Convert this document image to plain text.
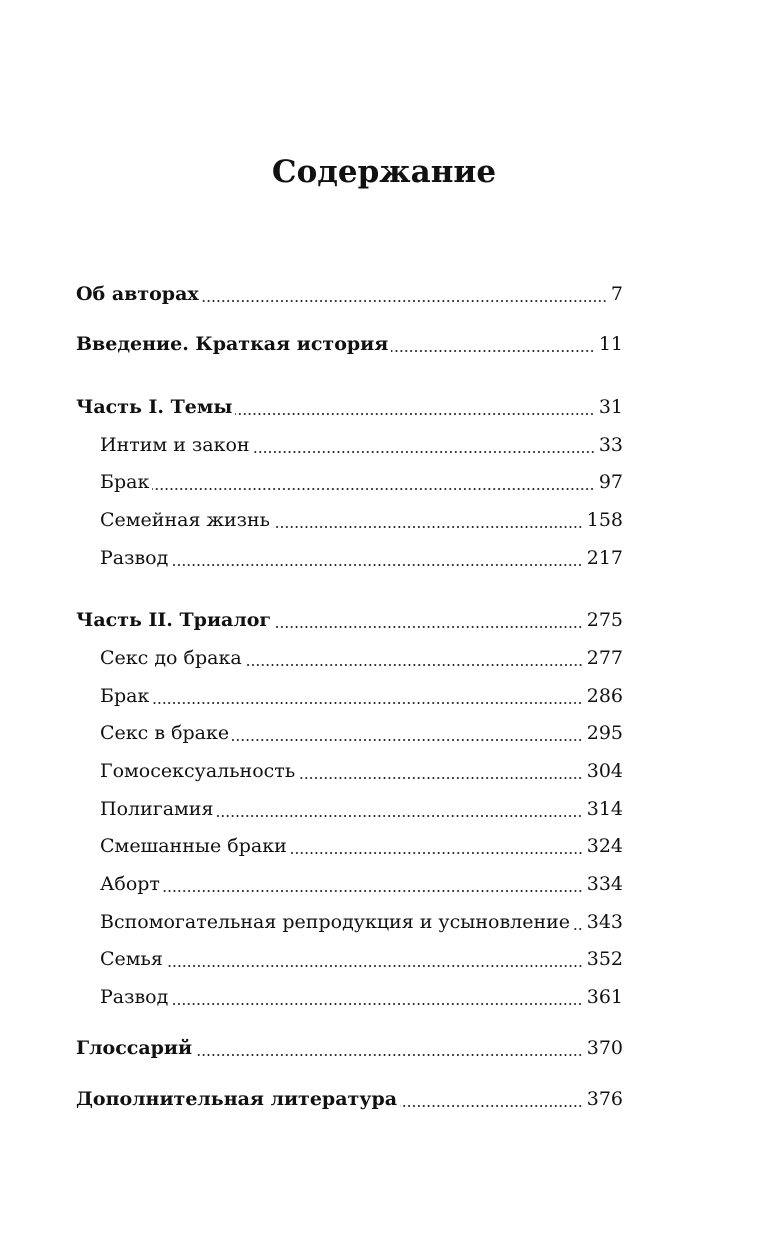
Содержание
Об авторах	7
Введение. Краткая история	11
Часть I. Темы	31
Интим и закон	33
Брак	97
Семейная жизнь	158
Развод	217
Часть II. Триалог	275
Секс до брака	277
Брак	286
Секс в браке	295
Гомосексуальность	304
Полигамия	314
Смешанные браки	324
Аборт	334
Вспомогательная репродукция и усыновление 343
Семья	352
Развод	361
Глоссарий	370
Дополнительная литература	376
